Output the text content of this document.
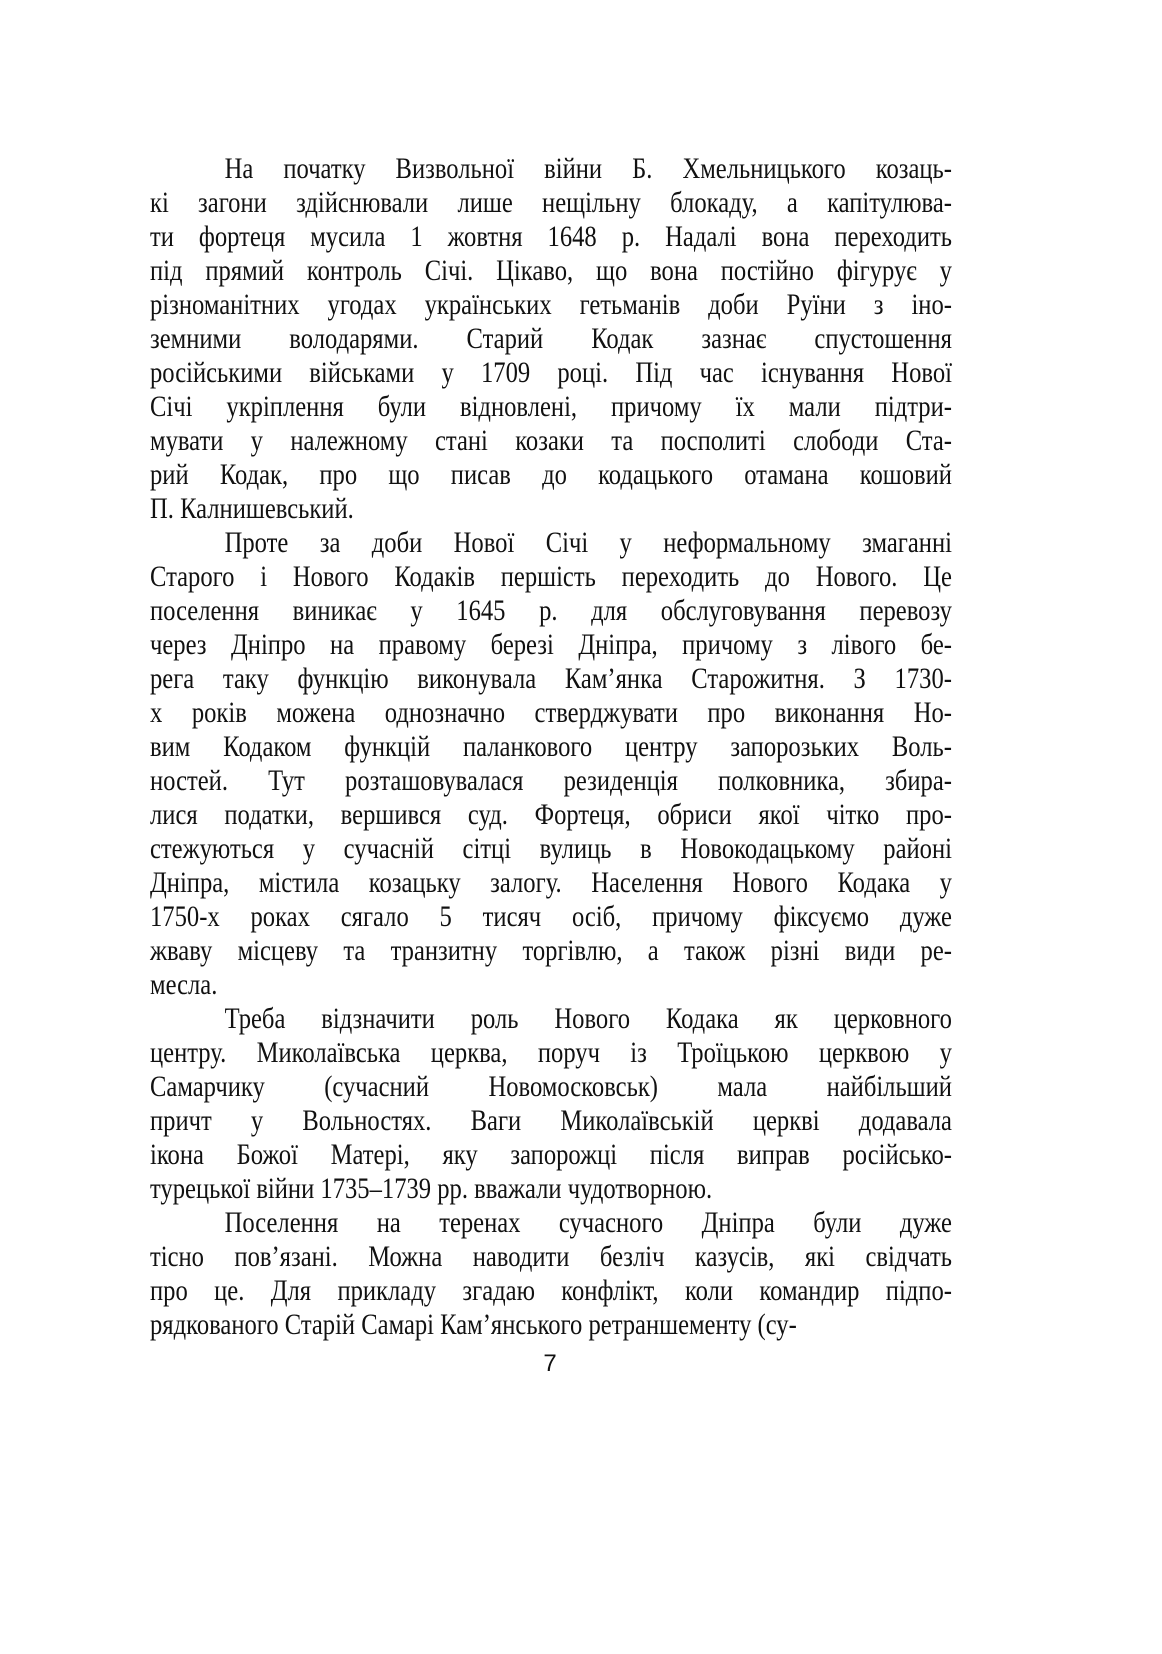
На початку Визвольної війни Б. Хмельницького козаць-
кі загони здійснювали лише нещільну блокаду, а капітулюва-
ти фортеця мусила 1 жовтня 1648 р. Надалі вона переходить
під прямий контроль Січі. Цікаво, що вона постійно фігурує у
різноманітних угодах українських гетьманів доби Руїни з іно-
земними володарями. Старий Кодак зазнає спустошення
російськими військами у 1709 році. Під час існування Нової
Січі укріплення були відновлені, причому їх мали підтри-
мувати у належному стані козаки та посполиті слободи Ста-
рий Кодак, про що писав до кодацького отамана кошовий
П. Калнишевський.
Проте за доби Нової Січі у неформальному змаганні
Старого і Нового Кодаків першість переходить до Нового. Це
поселення виникає у 1645 р. для обслуговування перевозу
через Дніпро на правому березі Дніпра, причому з лівого бе-
рега таку функцію виконувала Кам’янка Старожитня. З 1730-
х років можена однозначно стверджувати про виконання Но-
вим Кодаком функцій паланкового центру запорозьких Воль-
ностей. Тут розташовувалася резиденція полковника, збира-
лися податки, вершився суд. Фортеця, обриси якої чітко про-
стежуються у сучасній сітці вулиць в Новокодацькому районі
Дніпра, містила козацьку залогу. Населення Нового Кодака у
1750-х роках сягало 5 тисяч осіб, причому фіксуємо дуже
жваву місцеву та транзитну торгівлю, а також різні види ре-
месла.
Треба відзначити роль Нового Кодака як церковного
центру. Миколаївська церква, поруч із Троїцькою церквою у
Самарчику (сучасний Новомосковськ) мала найбільший
причт у Вольностях. Ваги Миколаївській церкві додавала
ікона Божої Матері, яку запорожці після виправ російсько-
турецької війни 1735–1739 рр. вважали чудотворною.
Поселення на теренах сучасного Дніпра були дуже
тісно пов’язані. Можна наводити безліч казусів, які свідчать
про це. Для прикладу згадаю конфлікт, коли командир підпо-
рядкованого Старій Самарі Кам’янського ретраншементу (су-
7
